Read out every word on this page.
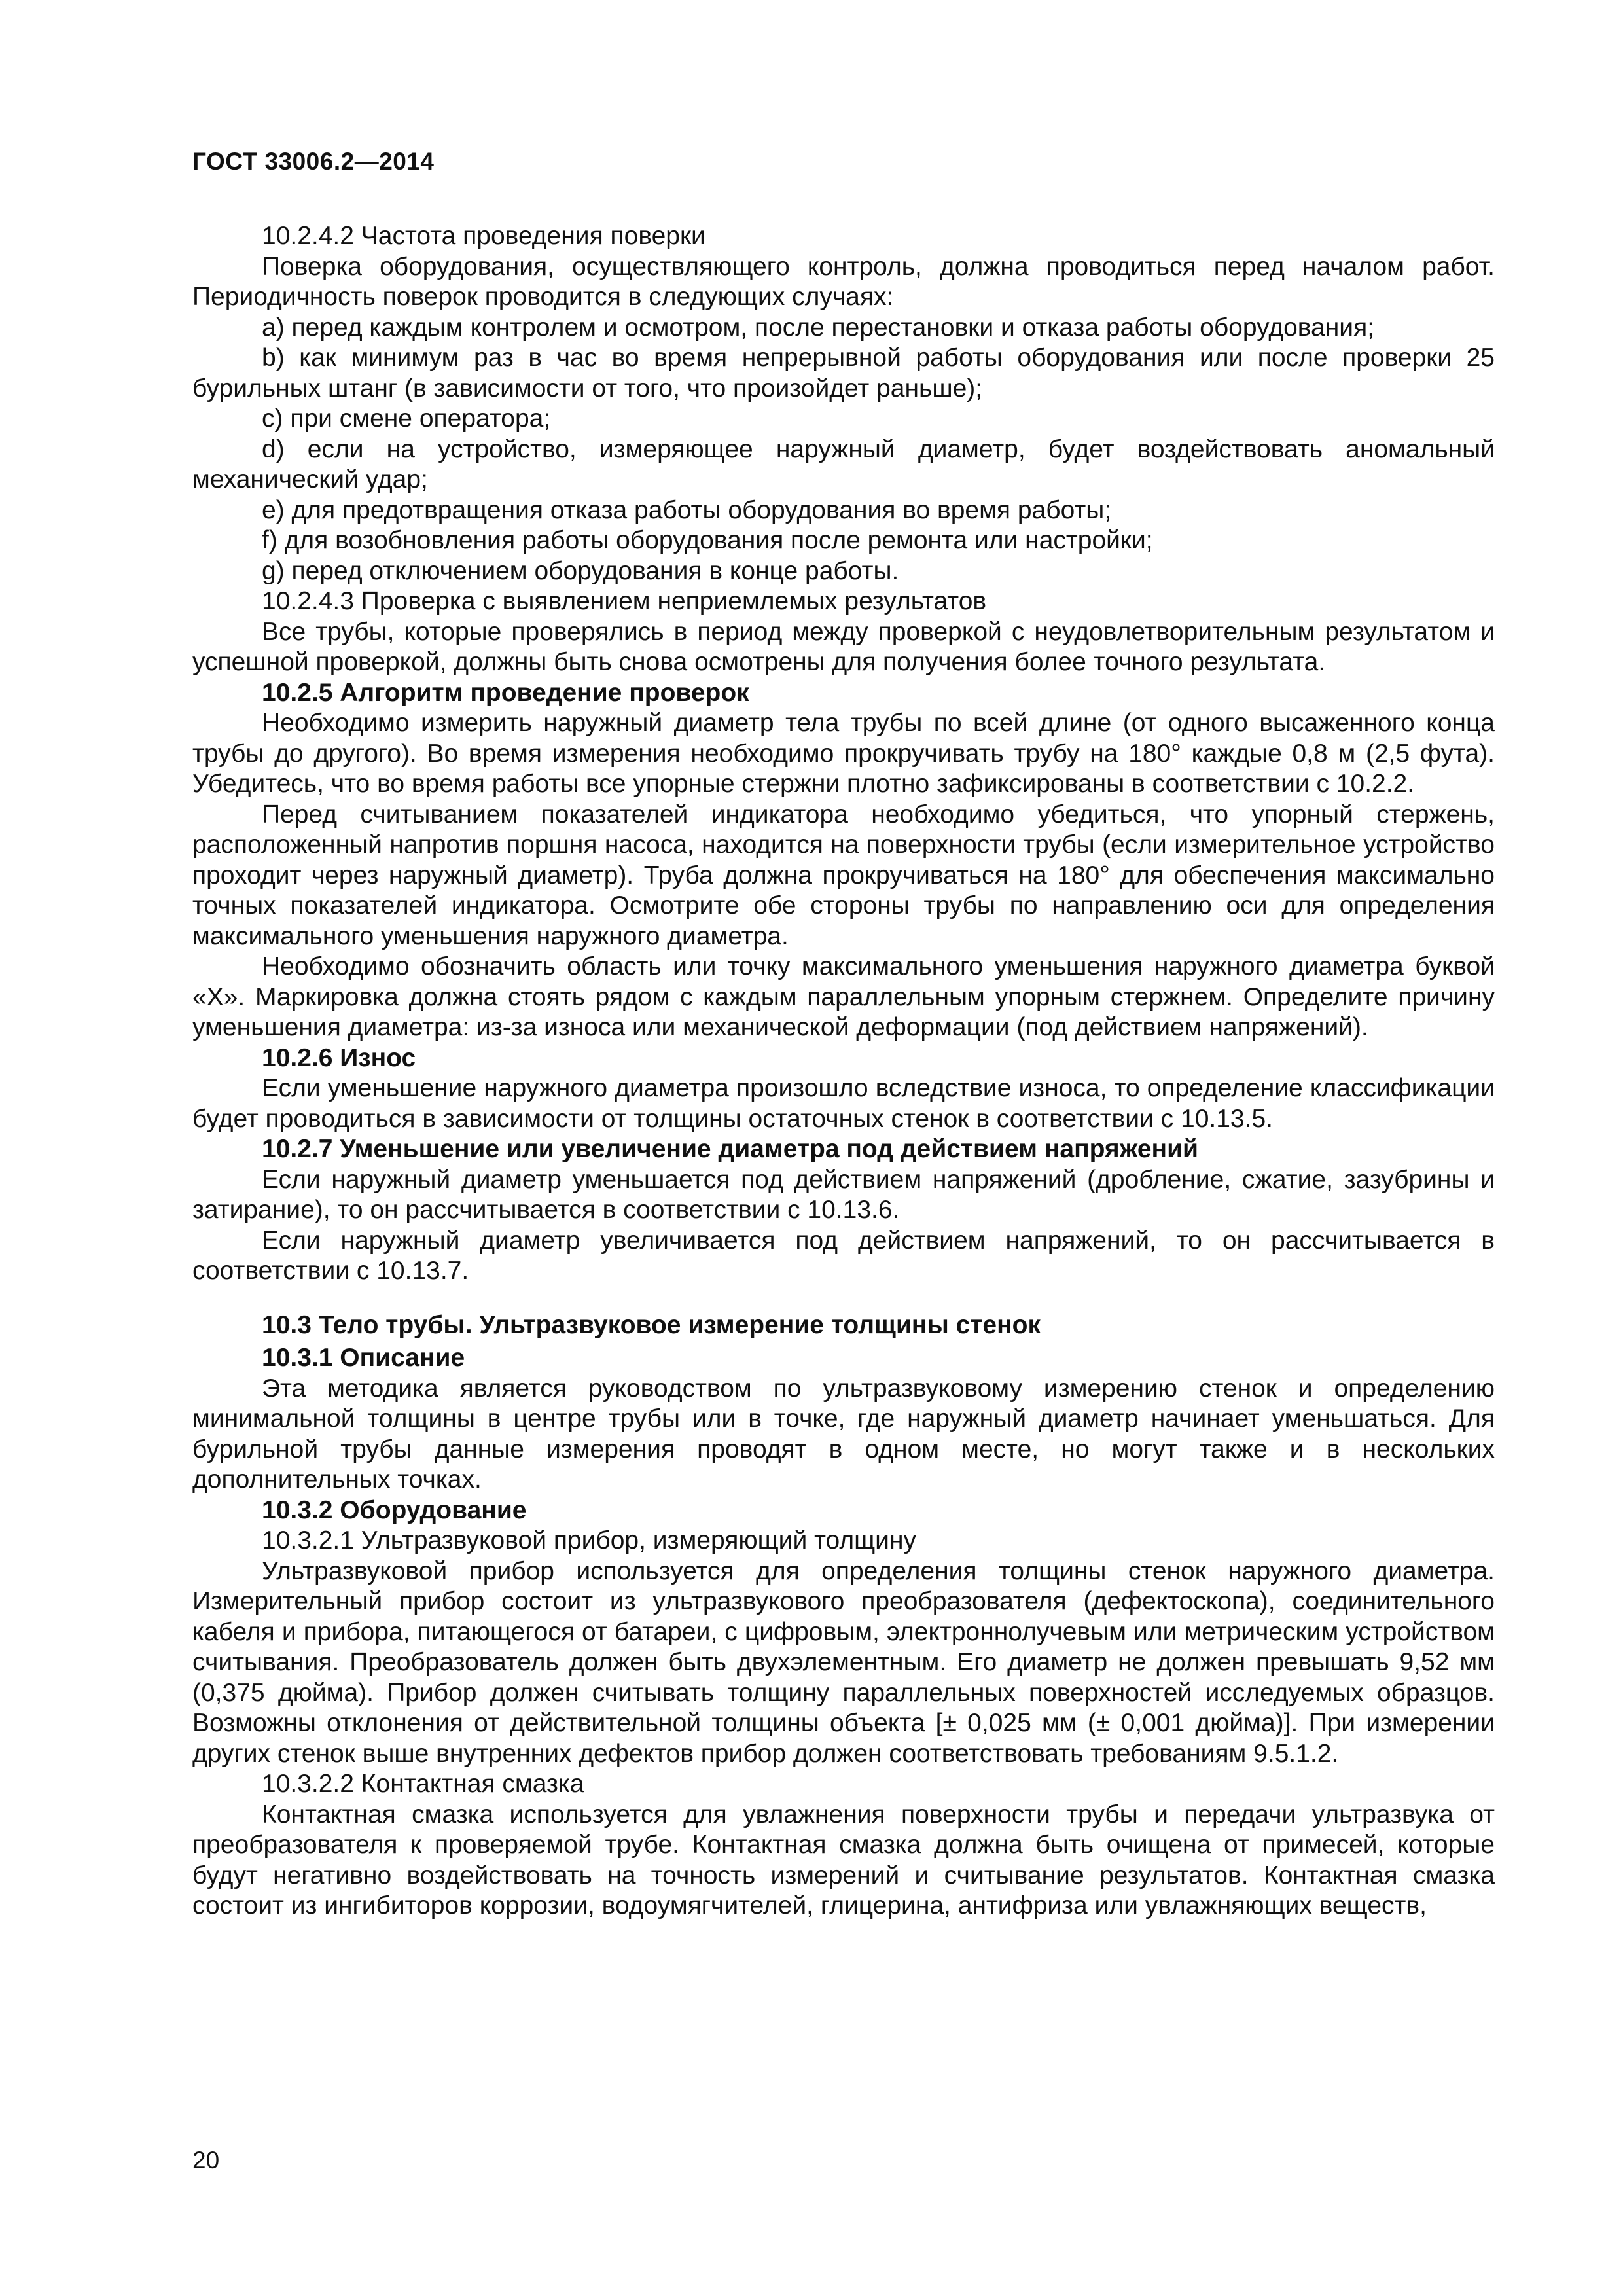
ГОСТ 33006.2—2014

10.2.4.2 Частота проведения поверки

Поверка оборудования, осуществляющего контроль, должна проводиться перед началом работ. Периодичность поверок проводится в следующих случаях:

а) перед каждым контролем и осмотром, после перестановки и отказа работы оборудования;

b) как минимум раз в час во время непрерывной работы оборудования или после проверки 25 бурильных штанг (в зависимости от того, что произойдет раньше);

c) при смене оператора;

d) если на устройство, измеряющее наружный диаметр, будет воздействовать аномальный механический удар;

е) для предотвращения отказа работы оборудования во время работы;

f) для возобновления работы оборудования после ремонта или настройки;

g) перед отключением оборудования в конце работы.

10.2.4.3 Проверка с выявлением неприемлемых результатов

Все трубы, которые проверялись в период между проверкой с неудовлетворительным результатом и успешной проверкой, должны быть снова осмотрены для получения более точного результата.

10.2.5 Алгоритм проведение проверок

Необходимо измерить наружный диаметр тела трубы по всей длине (от одного высаженного конца трубы до другого). Во время измерения необходимо прокручивать трубу на 180° каждые 0,8 м (2,5 фута). Убедитесь, что во время работы все упорные стержни плотно зафиксированы в соответствии с 10.2.2.

Перед считыванием показателей индикатора необходимо убедиться, что упорный стержень, расположенный напротив поршня насоса, находится на поверхности трубы (если измерительное устройство проходит через наружный диаметр). Труба должна прокручиваться на 180° для обеспечения максимально точных показателей индикатора. Осмотрите обе стороны трубы по направлению оси для определения максимального уменьшения наружного диаметра.

Необходимо обозначить область или точку максимального уменьшения наружного диаметра буквой «Х». Маркировка должна стоять рядом с каждым параллельным упорным стержнем. Определите причину уменьшения диаметра: из-за износа или механической деформации (под действием напряжений).

10.2.6 Износ

Если уменьшение наружного диаметра произошло вследствие износа, то определение классификации будет проводиться в зависимости от толщины остаточных стенок в соответствии с 10.13.5.

10.2.7 Уменьшение или увеличение диаметра под действием напряжений

Если наружный диаметр уменьшается под действием напряжений (дробление, сжатие, зазубрины и затирание), то он рассчитывается в соответствии с 10.13.6.

Если наружный диаметр увеличивается под действием напряжений, то он рассчитывается в соответствии с 10.13.7.

10.3 Тело трубы. Ультразвуковое измерение толщины стенок

10.3.1 Описание

Эта методика является руководством по ультразвуковому измерению стенок и определению минимальной толщины в центре трубы или в точке, где наружный диаметр начинает уменьшаться. Для бурильной трубы данные измерения проводят в одном месте, но могут также и в нескольких дополнительных точках.

10.3.2 Оборудование

10.3.2.1 Ультразвуковой прибор, измеряющий толщину

Ультразвуковой прибор используется для определения толщины стенок наружного диаметра. Измерительный прибор состоит из ультразвукового преобразователя (дефектоскопа), соединительного кабеля и прибора, питающегося от батареи, с цифровым, электроннолучевым или метрическим устройством считывания. Преобразователь должен быть двухэлементным. Его диаметр не должен превышать 9,52 мм (0,375 дюйма). Прибор должен считывать толщину параллельных поверхностей исследуемых образцов. Возможны отклонения от действительной толщины объекта [± 0,025 мм (± 0,001 дюйма)]. При измерении других стенок выше внутренних дефектов прибор должен соответствовать требованиям 9.5.1.2.

10.3.2.2 Контактная смазка

Контактная смазка используется для увлажнения поверхности трубы и передачи ультразвука от преобразователя к проверяемой трубе. Контактная смазка должна быть очищена от примесей, которые будут негативно воздействовать на точность измерений и считывание результатов. Контактная смазка состоит из ингибиторов коррозии, водоумягчителей, глицерина, антифриза или увлажняющих веществ,

20
